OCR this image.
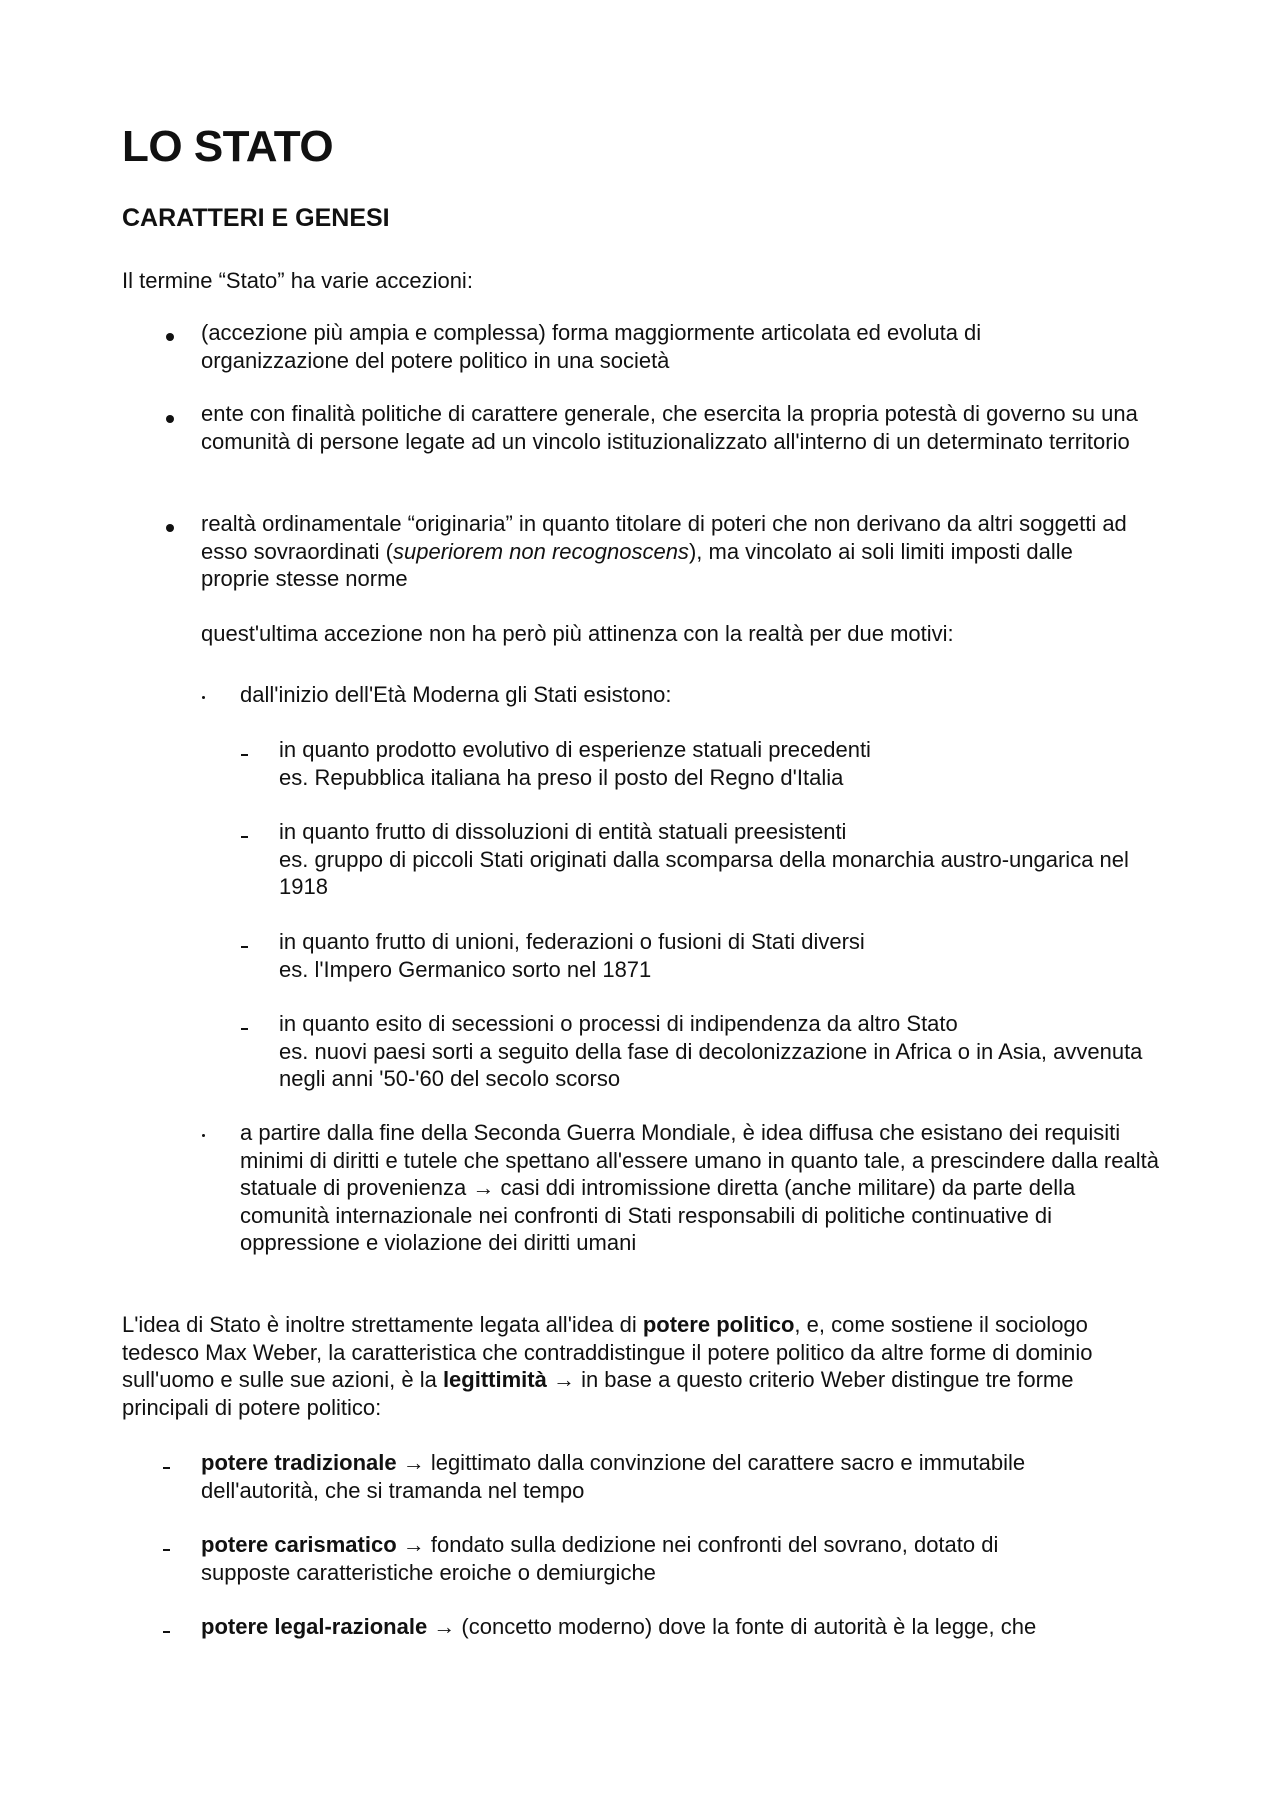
LO STATO
CARATTERI E GENESI

Il termine “Stato” ha varie accezioni:

(accezione più ampia e complessa) forma maggiormente articolata ed evoluta di organizzazione del potere politico in una società

ente con finalità politiche di carattere generale, che esercita la propria potestà di governo su una comunità di persone legate ad un vincolo istituzionalizzato all'interno di un determinato territorio

realtà ordinamentale “originaria” in quanto titolare di poteri che non derivano da altri soggetti ad esso sovraordinati (superiorem non recognoscens), ma vincolato ai soli limiti imposti dalle proprie stesse norme

quest'ultima accezione non ha però più attinenza con la realtà per due motivi:

dall'inizio dell'Età Moderna gli Stati esistono:

in quanto prodotto evolutivo di esperienze statuali precedenti
es. Repubblica italiana ha preso il posto del Regno d'Italia

in quanto frutto di dissoluzioni di entità statuali preesistenti
es. gruppo di piccoli Stati originati dalla scomparsa della monarchia austro-ungarica nel 1918

in quanto frutto di unioni, federazioni o fusioni di Stati diversi
es. l'Impero Germanico sorto nel 1871

in quanto esito di secessioni o processi di indipendenza da altro Stato
es. nuovi paesi sorti a seguito della fase di decolonizzazione in Africa o in Asia, avvenuta negli anni '50-'60 del secolo scorso

a partire dalla fine della Seconda Guerra Mondiale, è idea diffusa che esistano dei requisiti minimi di diritti e tutele che spettano all'essere umano in quanto tale, a prescindere dalla realtà statuale di provenienza → casi ddi intromissione diretta (anche militare) da parte della comunità internazionale nei confronti di Stati responsabili di politiche continuative di oppressione e violazione dei diritti umani

L'idea di Stato è inoltre strettamente legata all'idea di potere politico, e, come sostiene il sociologo tedesco Max Weber, la caratteristica che contraddistingue il potere politico da altre forme di dominio sull'uomo e sulle sue azioni, è la legittimità → in base a questo criterio Weber distingue tre forme principali di potere politico:

potere tradizionale → legittimato dalla convinzione del carattere sacro e immutabile dell'autorità, che si tramanda nel tempo

potere carismatico → fondato sulla dedizione nei confronti del sovrano, dotato di supposte caratteristiche eroiche o demiurgiche

potere legal-razionale → (concetto moderno) dove la fonte di autorità è la legge, che
